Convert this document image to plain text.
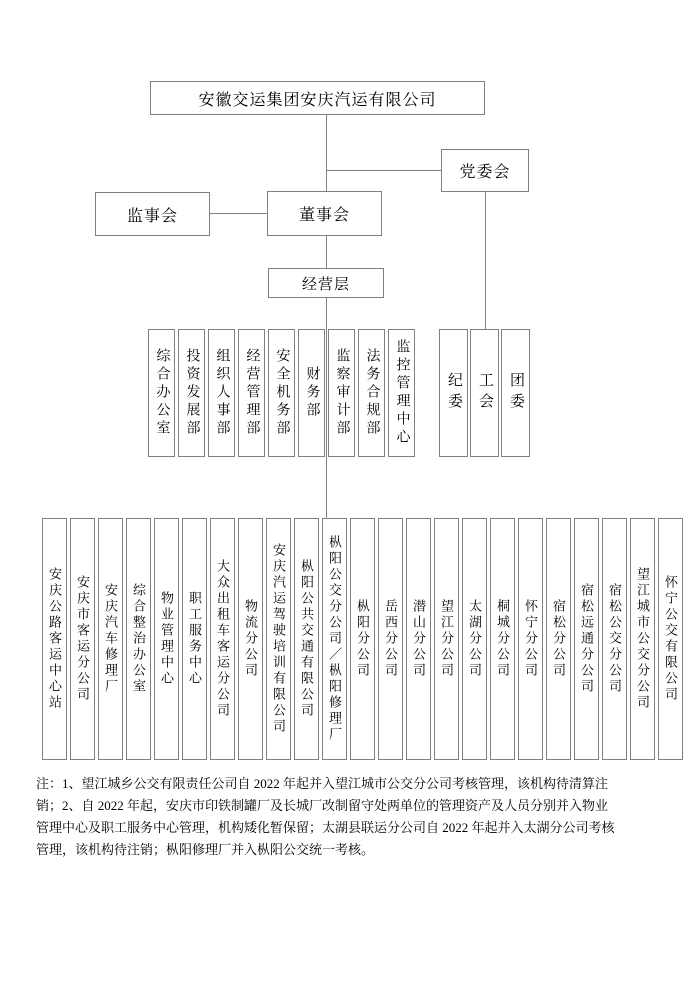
安徽交运集团安庆汽运有限公司
党委会
监事会	董事会
经营层
综合办公室 投资发展部 组织人事部 经营管理部 安全机务部 财务部 监察审计部 法务合规部 监控管理中心 纪委 工会 团委
安庆公路客运中心站 安庆市客运分公司 安庆汽车修理厂 综合整治办公室 物业管理中心 职工服务中心 大众出租车客运分公司 物流分公司 安庆汽运驾驶培训有限公司 枞阳公共交通有限公司 枞阳公交分公司／枞阳修理厂 枞阳分公司 岳西分公司 潜山分公司 望江分公司 太湖分公司 桐城分公司 怀宁分公司 宿松分公司 宿松远通分公司 宿松公交分公司 望江城市公交分公司 怀宁公交有限公司
注：1、望江城乡公交有限责任公司自 2022 年起并入望江城市公交分公司考核管理，该机构待清算注
销；2、自 2022 年起，安庆市印铁制罐厂及长城厂改制留守处两单位的管理资产及人员分别并入物业
管理中心及职工服务中心管理，机构矮化暂保留；太湖县联运分公司自 2022 年起并入太湖分公司考核
管理，该机构待注销；枞阳修理厂并入枞阳公交统一考核。
